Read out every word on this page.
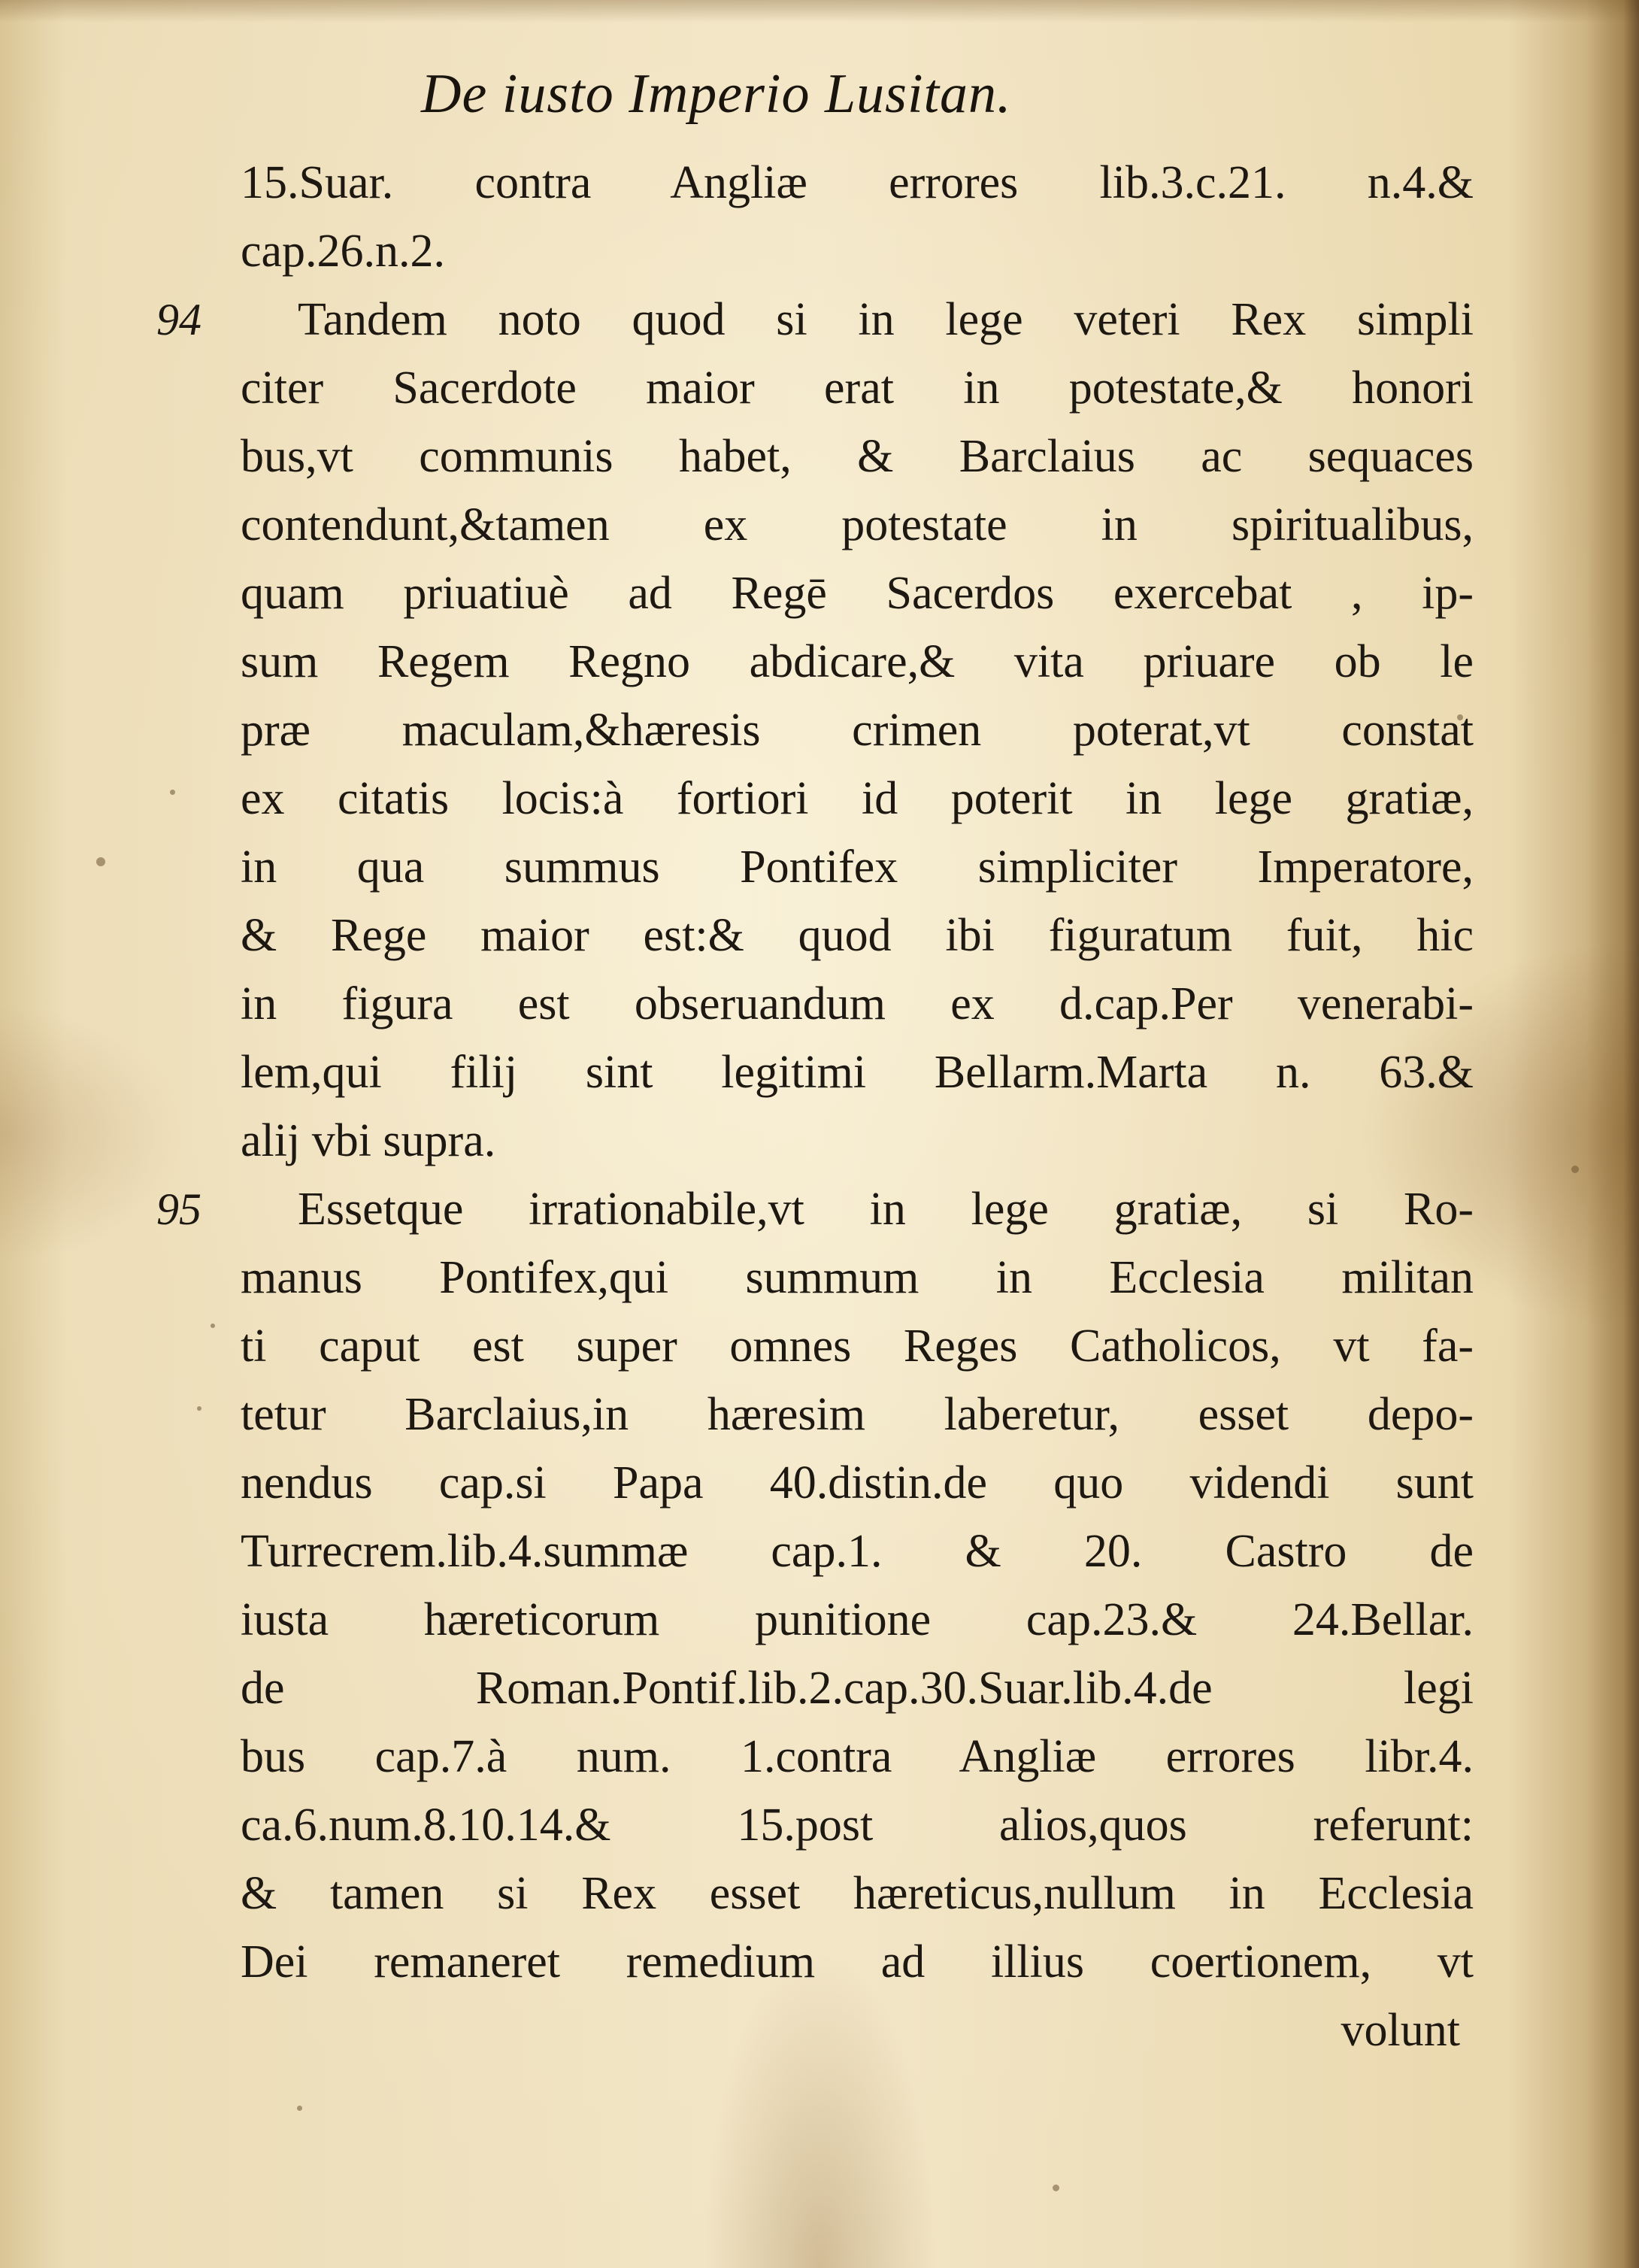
De iusto Imperio Lusitan.
15.Suar. contra Angliæ errores lib.3.c.21. n.4.&
cap.26.n.2.
94 Tandem noto quod si in lege veteri Rex simpli
citer Sacerdote maior erat in potestate,& honori
bus,vt communis habet, & Barclaius ac sequaces
contendunt,&tamen ex potestate in spiritualibus,
quam priuatiuè ad Regē Sacerdos exercebat , ip-
sum Regem Regno abdicare,& vita priuare ob le
præ maculam,&hæresis crimen poterat,vt constat
ex citatis locis:à fortiori id poterit in lege gratiæ,
in qua summus Pontifex simpliciter Imperatore,
& Rege maior est:& quod ibi figuratum fuit, hic
in figura est obseruandum ex d.cap.Per venerabi-
lem,qui filij sint legitimi Bellarm.Marta n. 63.&
alij vbi supra.
95 Essetque irrationabile,vt in lege gratiæ, si Ro-
manus Pontifex,qui summum in Ecclesia militan
ti caput est super omnes Reges Catholicos, vt fa-
tetur Barclaius,in hæresim laberetur, esset depo-
nendus cap.si Papa 40.distin.de quo videndi sunt
Turrecrem.lib.4.summæ cap.1. & 20. Castro de
iusta hæreticorum punitione cap.23.& 24.Bellar.
de Roman.Pontif.lib.2.cap.30.Suar.lib.4.de legi
bus cap.7.à num. 1.contra Angliæ errores libr.4.
ca.6.num.8.10.14.& 15.post alios,quos referunt:
& tamen si Rex esset hæreticus,nullum in Ecclesia
Dei remaneret remedium ad illius coertionem, vt
volunt
